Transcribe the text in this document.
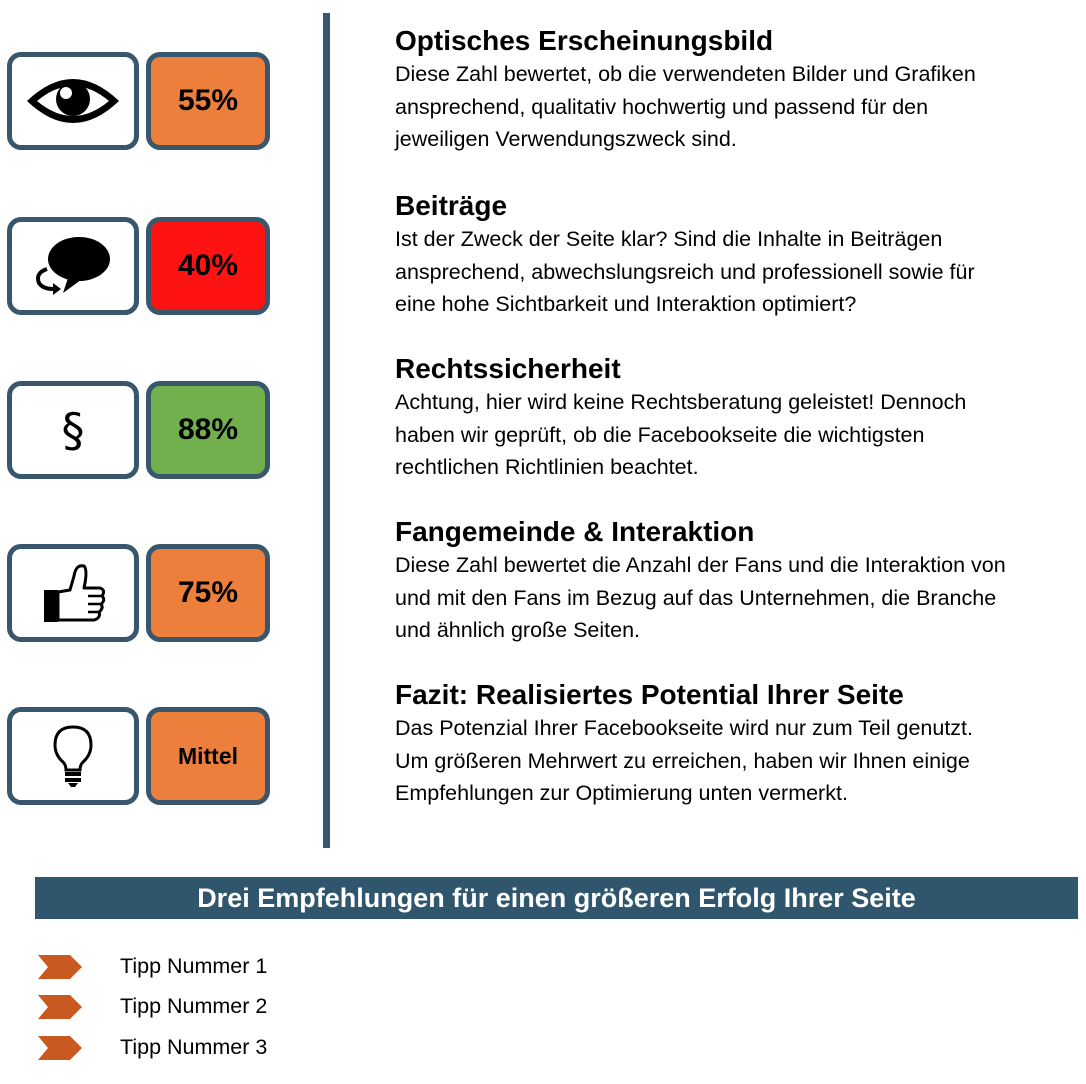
55%
40%
§	88%
75%
Mittel
Optisches Erscheinungsbild

Diese Zahl bewertet, ob die verwendeten Bilder und Grafiken

ansprechend, qualitativ hochwertig und passend für den

jeweiligen Verwendungszweck sind.

Beiträge

Ist der Zweck der Seite klar? Sind die Inhalte in Beiträgen

ansprechend, abwechslungsreich und professionell sowie für

eine hohe Sichtbarkeit und Interaktion optimiert?

Rechtssicherheit

Achtung, hier wird keine Rechtsberatung geleistet! Dennoch

haben wir geprüft, ob die Facebookseite die wichtigsten

rechtlichen Richtlinien beachtet.

Fangemeinde & Interaktion

Diese Zahl bewertet die Anzahl der Fans und die Interaktion von

und mit den Fans im Bezug auf das Unternehmen, die Branche

und ähnlich große Seiten.

Fazit: Realisiertes Potential Ihrer Seite

Das Potenzial Ihrer Facebookseite wird nur zum Teil genutzt.

Um größeren Mehrwert zu erreichen, haben wir Ihnen einige

Empfehlungen zur Optimierung unten vermerkt.

Drei Empfehlungen für einen größeren Erfolg Ihrer Seite
Tipp Nummer 1
Tipp Nummer 2
Tipp Nummer 3
